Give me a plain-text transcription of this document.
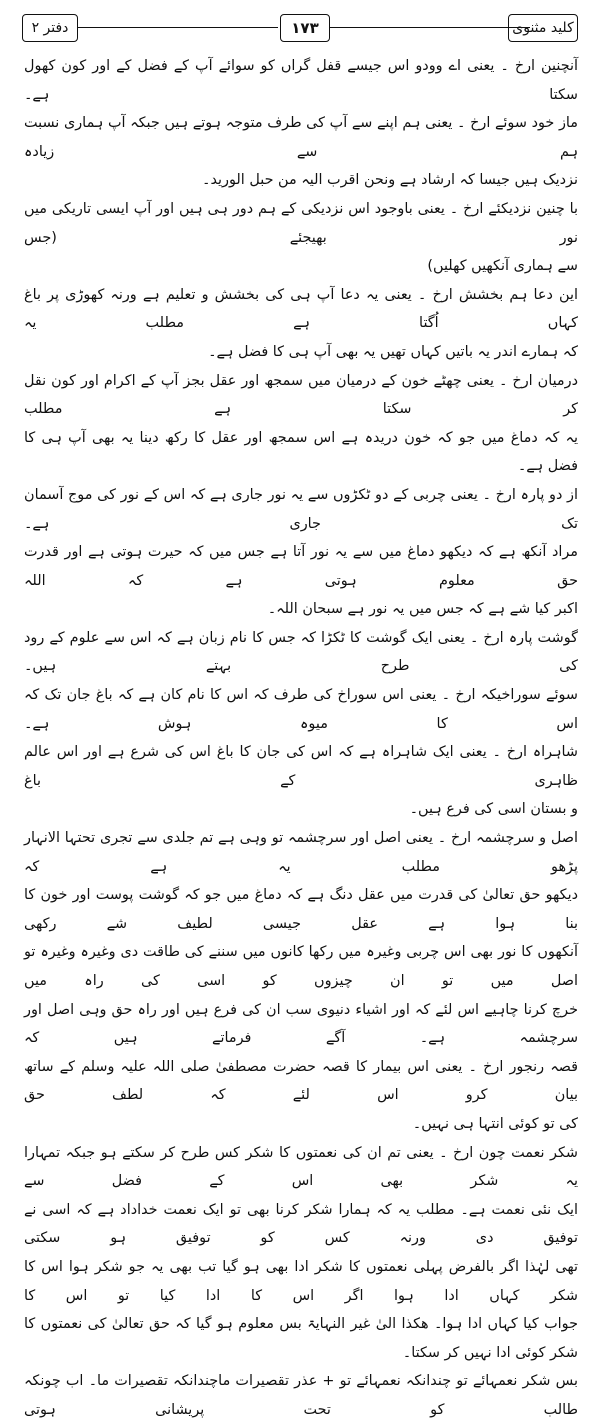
کلید مثنوی
۱۷۳
دفتر ۲

آنچنین ارخ ۔ یعنی اے وودو اس جیسے قفل گراں کو سوائے آپ کے فضل کے اور کون کھول سکتا ہے۔

ماز خود سوئے ارخ ۔ یعنی ہم اپنے سے آپ کی طرف متوجہ ہوتے ہیں جبکہ آپ ہماری نسبت ہم سے زیادہ

نزدیک ہیں جیسا کہ ارشاد ہے ونحن اقرب الیہ من حبل الورید۔

با چنین نزدیکئے ارخ ۔ یعنی باوجود اس نزدیکی کے ہم دور ہی ہیں اور آپ ایسی تاریکی میں نور بھیجئے (جس

سے ہماری آنکھیں کھلیں)

این دعا ہم بخشش ارخ ۔ یعنی یہ دعا آپ ہی کی بخشش و تعلیم ہے ورنہ کھوڑی پر باغ کہاں اُگتا ہے مطلب یہ

کہ ہمارے اندر یہ باتیں کہاں تھیں یہ بھی آپ ہی کا فضل ہے۔

درمیان ارخ ۔ یعنی چھٹے خون کے درمیان میں سمجھ اور عقل بجز آپ کے اکرام اور کون نقل کر سکتا ہے مطلب

یہ کہ دماغ میں جو کہ خون دریدہ ہے اس سمجھ اور عقل کا رکھ دینا یہ بھی آپ ہی کا فضل ہے۔

از دو پارہ ارخ ۔ یعنی چربی کے دو ٹکڑوں سے یہ نور جاری ہے کہ اس کے نور کی موج آسمان تک جاری ہے۔

مراد آنکھ ہے کہ دیکھو دماغ میں سے یہ نور آتا ہے جس میں کہ حیرت ہوتی ہے اور قدرت حق معلوم ہوتی ہے کہ اللہ

اکبر کیا شے ہے کہ جس میں یہ نور ہے سبحان اللہ۔

گوشت پارہ ارخ ۔ یعنی ایک گوشت کا ٹکڑا کہ جس کا نام زبان ہے کہ اس سے علوم کے رود کی طرح بہتے ہیں۔

سوئے سوراخیکہ ارخ ۔ یعنی اس سوراخ کی طرف کہ اس کا نام کان ہے کہ باغ جان تک کہ اس کا میوہ ہوش ہے۔

شاہراہ ارخ ۔ یعنی ایک شاہراہ ہے کہ اس کی جان کا باغ اس کی شرع ہے اور اس عالم ظاہری کے باغ

و بستان اسی کی فرع ہیں۔

اصل و سرچشمہ ارخ ۔ یعنی اصل اور سرچشمہ تو وہی ہے تم جلدی سے تجری تحتہا الانہار پڑھو مطلب یہ ہے کہ

دیکھو حق تعالیٰ کی قدرت میں عقل دنگ ہے کہ دماغ میں جو کہ گوشت پوست اور خون کا بنا ہوا ہے عقل جیسی لطیف شے رکھی

آنکھوں کا نور بھی اس چربی وغیرہ میں رکھا کانوں میں سننے کی طاقت دی وغیرہ وغیرہ تو اصل میں تو ان چیزوں کو اسی کی راہ میں

خرچ کرنا چاہیے اس لئے کہ اور اشیاء دنیوی سب ان کی فرع ہیں اور راہ حق وہی اصل اور سرچشمہ ہے۔ آگے فرماتے ہیں کہ

قصہ رنجور ارخ ۔ یعنی اس بیمار کا قصہ حضرت مصطفیٰ صلی اللہ علیہ وسلم کے ساتھ بیان کرو اس لئے کہ لطف حق

کی تو کوئی انتہا ہی نہیں۔

شکر نعمت چون ارخ ۔ یعنی تم ان کی نعمتوں کا شکر کس طرح کر سکتے ہو جبکہ تمہارا یہ شکر بھی اس کے فضل سے

ایک نئی نعمت ہے۔ مطلب یہ کہ ہمارا شکر کرنا بھی تو ایک نعمت خداداد ہے کہ اسی نے توفیق دی ورنہ کس کو توفیق ہو سکتی

تھی لہٰذا اگر بالفرض پہلی نعمتوں کا شکر ادا بھی ہو گیا تب بھی یہ جو شکر ہوا اس کا شکر کہاں ادا ہوا اگر اس کا ادا کیا تو اس کا

جواب کیا کہاں ادا ہوا۔ ھکذا الیٰ غیر النہایۃ بس معلوم ہو گیا کہ حق تعالیٰ کی نعمتوں کا شکر کوئی ادا نہیں کر سکتا۔

بس شکر نعمہائے تو چندانکہ نعمہائے تو + عذر تقصیرات ماچندانکہ تقصیرات ما۔ اب چونکہ طالب کو تحت پریشانی ہوتی
